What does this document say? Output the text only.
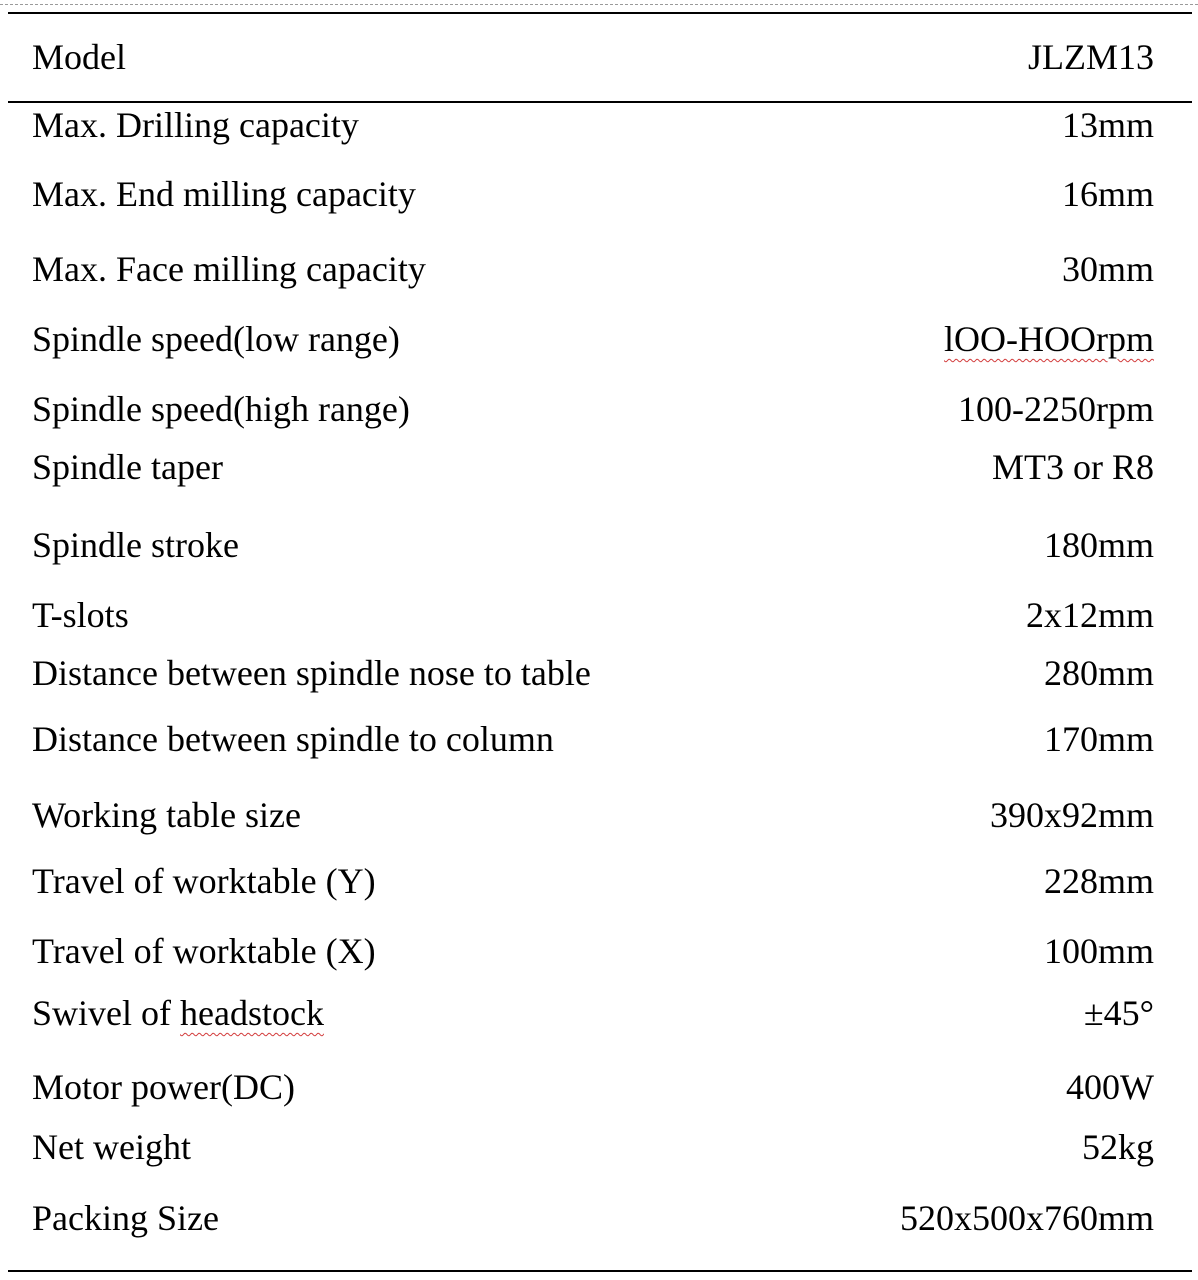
Model	JLZM13
Max. Drilling capacity	13mm
Max. End milling capacity	16mm
Max. Face milling capacity	30mm
Spindle speed(low range)	lOO-HOOrpm
Spindle speed(high range)	100-2250rpm
Spindle taper	MT3 or R8
Spindle stroke	180mm
T-slots	2x12mm
Distance between spindle nose to table	280mm
Distance between spindle to column	170mm
Working table size	390x92mm
Travel of worktable (Y)	228mm
Travel of worktable (X)	100mm
Swivel of headstock	±45°
Motor power(DC)	400W
Net weight	52kg
Packing Size	520x500x760mm
